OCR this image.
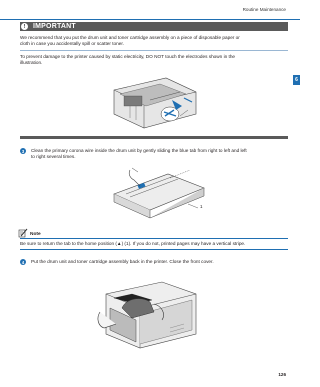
Routine Maintenance
6
!	IMPORTANT
We recommend that you put the drum unit and toner cartridge assembly on a piece of disposable paper or
cloth in case you accidentally spill or scatter toner.
To prevent damage to the printer caused by static electricity, DO NOT touch the electrodes shown in the
illustration.
3	Clean the primary corona wire inside the drum unit by gently sliding the blue tab from right to left and left
to right several times.
1
Note
Be sure to return the tab to the home position (▲) (1). If you do not, printed pages may have a vertical stripe.
4	Put the drum unit and toner cartridge assembly back in the printer. Close the front cover.
126
